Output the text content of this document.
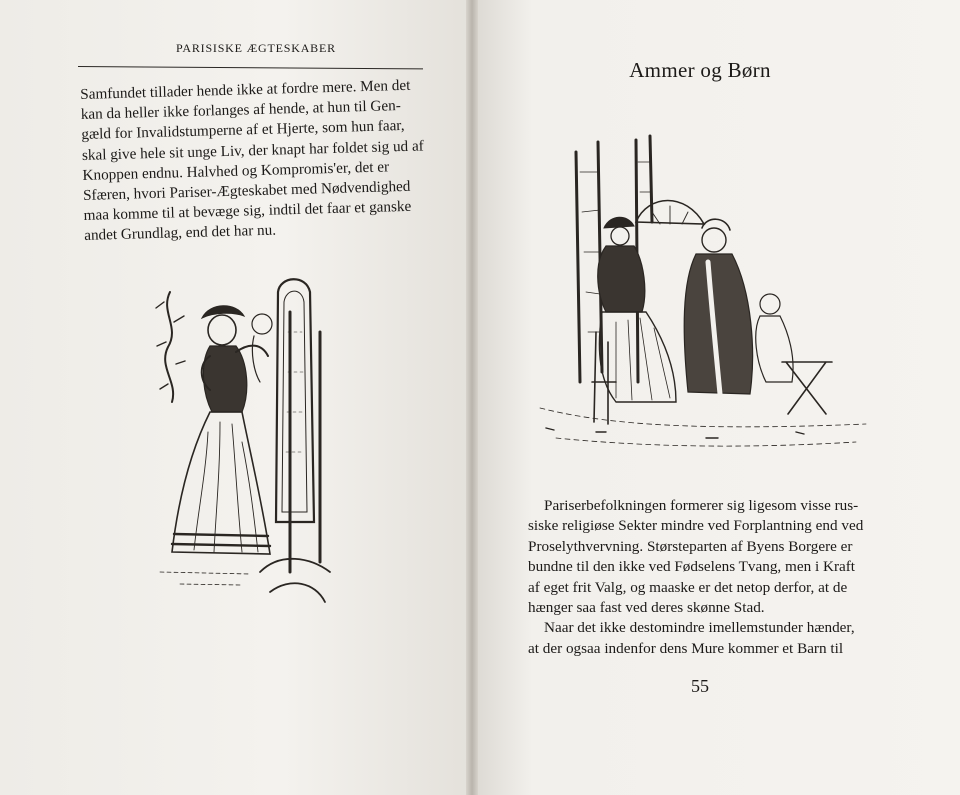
PARISISKE ÆGTESKABER

Samfundet tillader hende ikke at fordre mere. Men det

kan da heller ikke forlanges af hende, at hun til Gen-

gæld for Invalidstumperne af et Hjerte, som hun faar,

skal give hele sit unge Liv, der knapt har foldet sig ud af

Knoppen endnu. Halvhed og Kompromis'er, det er

Sfæren, hvori Pariser-Ægteskabet med Nødvendighed

maa komme til at bevæge sig, indtil det faar et ganske

andet Grundlag, end det har nu.

Ammer og Børn

Pariserbefolkningen formerer sig ligesom visse rus-

siske religiøse Sekter mindre ved Forplantning end ved

Proselythvervning. Størsteparten af Byens Borgere er

bundne til den ikke ved Fødselens Tvang, men i Kraft

af eget frit Valg, og maaske er det netop derfor, at de

hænger saa fast ved deres skønne Stad.

Naar det ikke destomindre imellemstunder hænder,

at der ogsaa indenfor dens Mure kommer et Barn til

55
